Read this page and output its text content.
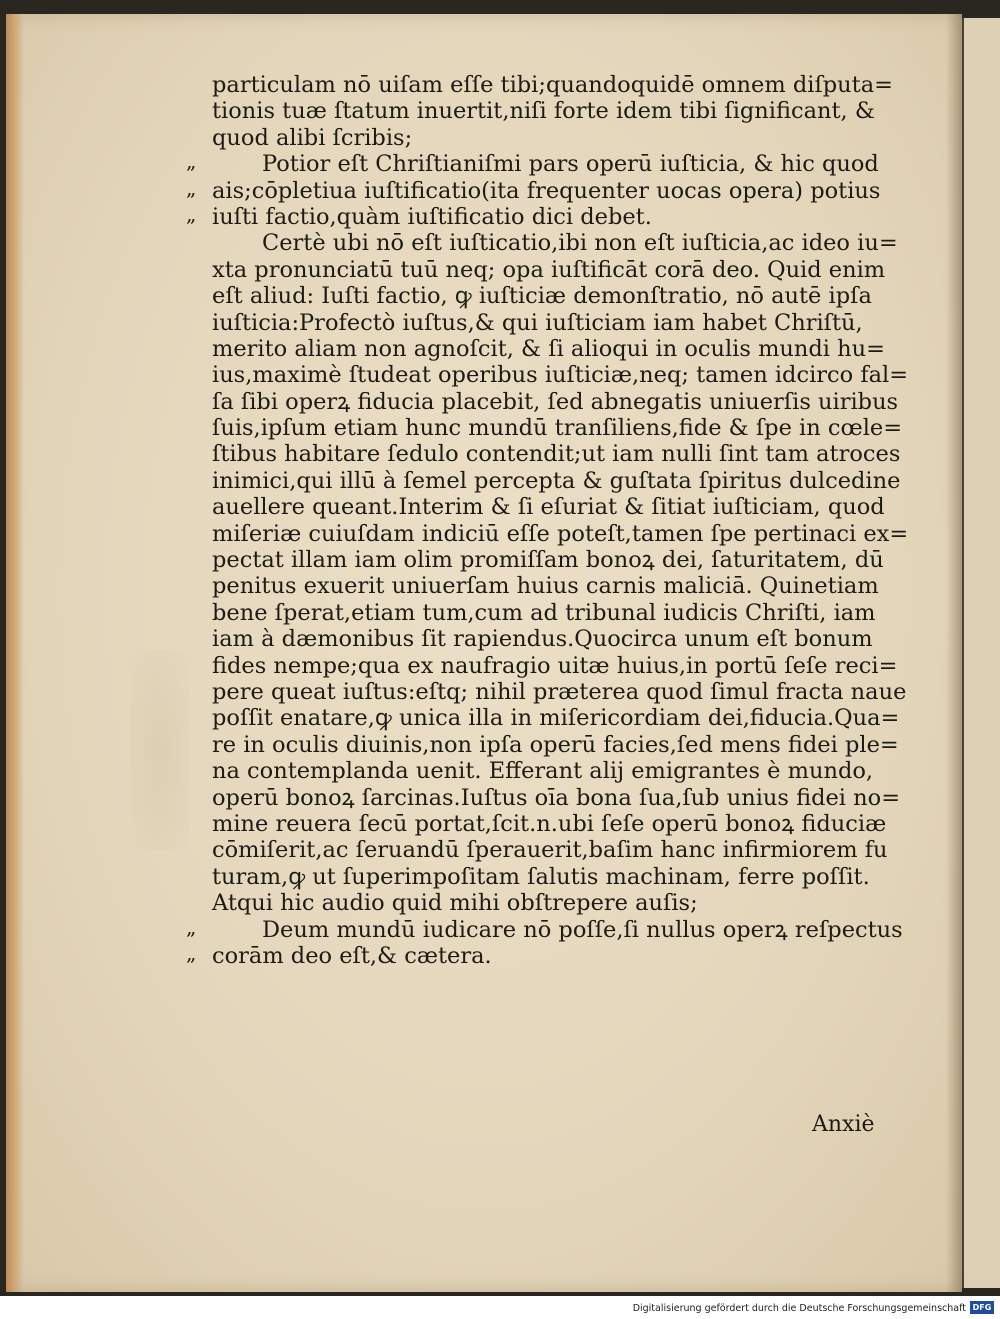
particulam nō uiſam eſſe tibi;quandoquidē omnem diſputa=
tionis tuæ ſtatum inuertit,niſi forte idem tibi ſignificant, &
quod alibi ſcribis;
Potior eſt Chriſtianiſmi pars operū iuſticia, & hic quod
ais;cōpletiua iuſtificatio(ita frequenter uocas opera) potius
iuſti factio,quàm iuſtificatio dici debet.
Certè ubi nō eſt iuſticatio,ibi non eſt iuſticia,ac ideo iu=
xta pronunciatū tuū neq; opa iuſtificāt corā deo. Quid enim
eſt aliud: Iuſti factio, ꝙ iuſticiæ demonſtratio, nō autē ipſa
iuſticia:Profectò iuſtus,& qui iuſticiam iam habet Chriſtū,
merito aliam non agnoſcit, & ſi alioqui in oculis mundi hu=
ius,maximè ſtudeat operibus iuſticiæ,neq; tamen idcirco fal=
ſa ſibi operꝝ fiducia placebit, ſed abnegatis uniuerſis uiribus
ſuis,ipſum etiam hunc mundū tranſiliens,fide & ſpe in cœle=
ſtibus habitare ſedulo contendit;ut iam nulli ſint tam atroces
inimici,qui illū à ſemel percepta & guſtata ſpiritus dulcedine
auellere queant.Interim & ſi eſuriat & ſitiat iuſticiam, quod
miſeriæ cuiuſdam indiciū eſſe poteſt,tamen ſpe pertinaci ex=
pectat illam iam olim promiſſam bonoꝝ dei, ſaturitatem, dū
penitus exuerit uniuerſam huius carnis maliciā. Quinetiam
bene ſperat,etiam tum,cum ad tribunal iudicis Chriſti, iam
iam à dæmonibus ſit rapiendus.Quocirca unum eſt bonum
fides nempe;qua ex naufragio uitæ huius,in portū ſeſe reci=
pere queat iuſtus:eſtq; nihil præterea quod ſimul fracta naue
poſſit enatare,ꝙ unica illa in miſericordiam dei,fiducia.Qua=
re in oculis diuinis,non ipſa operū facies,ſed mens fidei ple=
na contemplanda uenit. Efferant alij emigrantes è mundo,
operū bonoꝝ ſarcinas.Iuſtus oīa bona ſua,ſub unius fidei no=
mine reuera ſecū portat,ſcit.n.ubi ſeſe operū bonoꝝ fiduciæ
cōmiſerit,ac ſeruandū ſperauerit,baſim hanc infirmiorem fu
turam,ꝙ ut ſuperimpoſitam ſalutis machinam, ferre poſſit.
Atqui hic audio quid mihi obſtrepere auſis;
Deum mundū iudicare nō poſſe,ſi nullus operꝝ reſpectus
corām deo eſt,& cætera.
„
„
„
„
„
Anxiè
Digitalisierung gefördert durch die Deutsche Forschungsgemeinschaft DFG
